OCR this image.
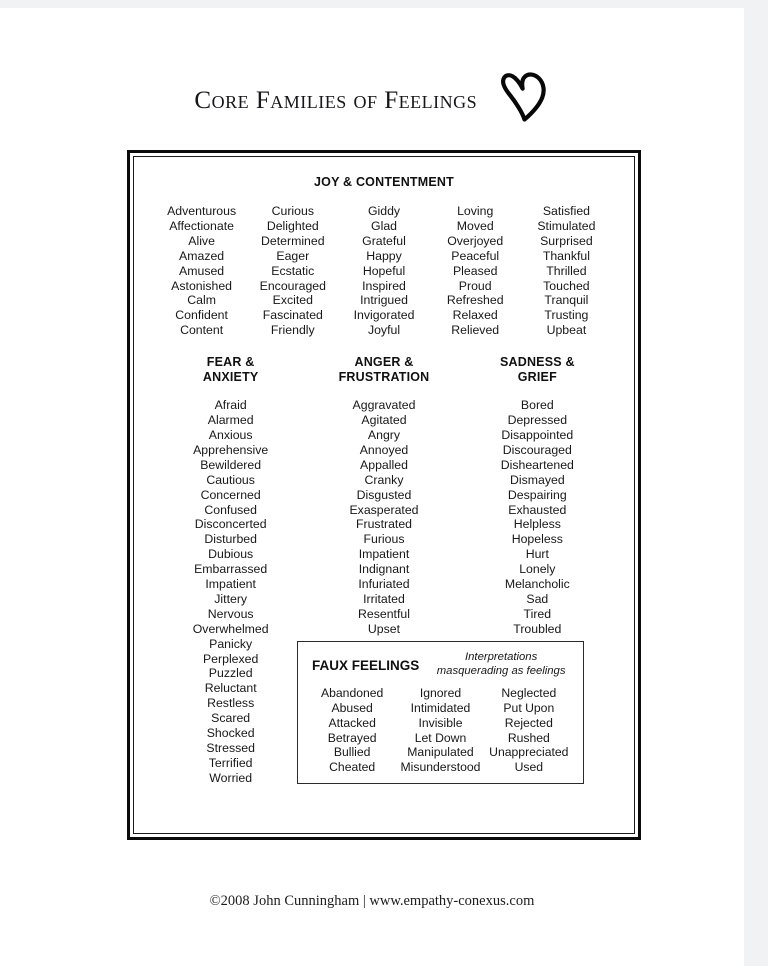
Core Families of Feelings
JOY & CONTENTMENT
Adventurous
Affectionate
Alive
Amazed
Amused
Astonished
Calm
Confident
Content
Curious
Delighted
Determined
Eager
Ecstatic
Encouraged
Excited
Fascinated
Friendly
Giddy
Glad
Grateful
Happy
Hopeful
Inspired
Intrigued
Invigorated
Joyful
Loving
Moved
Overjoyed
Peaceful
Pleased
Proud
Refreshed
Relaxed
Relieved
Satisfied
Stimulated
Surprised
Thankful
Thrilled
Touched
Tranquil
Trusting
Upbeat
FEAR &
ANXIETY
Afraid
Alarmed
Anxious
Apprehensive
Bewildered
Cautious
Concerned
Confused
Disconcerted
Disturbed
Dubious
Embarrassed
Impatient
Jittery
Nervous
Overwhelmed
Panicky
Perplexed
Puzzled
Reluctant
Restless
Scared
Shocked
Stressed
Terrified
Worried
ANGER &
FRUSTRATION
Aggravated
Agitated
Angry
Annoyed
Appalled
Cranky
Disgusted
Exasperated
Frustrated
Furious
Impatient
Indignant
Infuriated
Irritated
Resentful
Upset
SADNESS &
GRIEF
Bored
Depressed
Disappointed
Discouraged
Disheartened
Dismayed
Despairing
Exhausted
Helpless
Hopeless
Hurt
Lonely
Melancholic
Sad
Tired
Troubled
FAUX FEELINGS
Interpretations
masquerading as feelings
Abandoned
Abused
Attacked
Betrayed
Bullied
Cheated
Ignored
Intimidated
Invisible
Let Down
Manipulated
Misunderstood
Neglected
Put Upon
Rejected
Rushed
Unappreciated
Used
©2008 John Cunningham | www.empathy-conexus.com
